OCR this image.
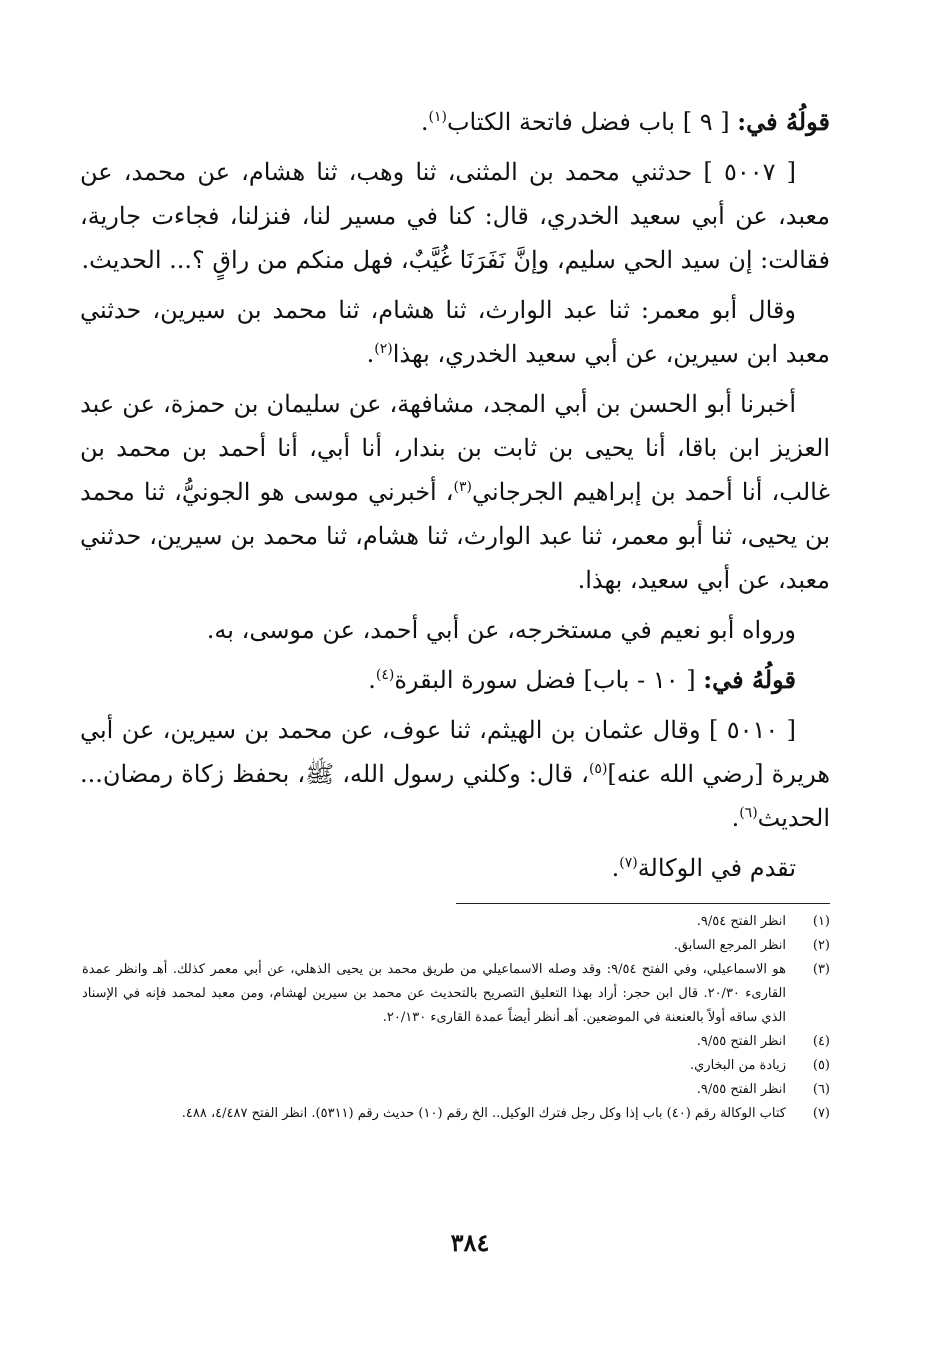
قولُهُ في: [ ٩ ] باب فضل فاتحة الكتاب$^{(١)}$.

[ ٥٠٠٧ ] حدثني محمد بن المثنى، ثنا وهب، ثنا هشام، عن محمد، عن معبد، عن أبي سعيد الخدري، قال: كنا في مسير لنا، فنزلنا، فجاءت جارية، فقالت: إن سيد الحي سليم، وإنَّ نَفَرَنَا غُيَّبٌ، فهل منكم من راقٍ ؟... الحديث.

وقال أبو معمر: ثنا عبد الوارث، ثنا هشام، ثنا محمد بن سيرين، حدثني معبد ابن سيرين، عن أبي سعيد الخدري، بهذا$^{(٢)}$.

أخبرنا أبو الحسن بن أبي المجد، مشافهة، عن سليمان بن حمزة، عن عبد العزيز ابن باقا، أنا يحيى بن ثابت بن بندار، أنا أبي، أنا أحمد بن محمد بن غالب، أنا أحمد بن إبراهيم الجرجاني$^{(٣)}$، أخبرني موسى هو الجونيُّ، ثنا محمد بن يحيى، ثنا أبو معمر، ثنا عبد الوارث، ثنا هشام، ثنا محمد بن سيرين، حدثني معبد، عن أبي سعيد، بهذا.

ورواه أبو نعيم في مستخرجه، عن أبي أحمد، عن موسى، به.

قولُهُ في: [ ١٠ - باب] فضل سورة البقرة$^{(٤)}$.

[ ٥٠١٠ ] وقال عثمان بن الهيثم، ثنا عوف، عن محمد بن سيرين، عن أبي هريرة [رضي الله عنه]$^{(٥)}$، قال: وكلني رسول الله، ﷺ، بحفظ زكاة رمضان... الحديث$^{(٦)}$.

تقدم في الوكالة$^{(٧)}$.

(١)
انظر الفتح ٩/٥٤.
(٢)
انظر المرجع السابق.
(٣)
هو الاسماعيلي، وفي الفتح ٩/٥٤: وقد وصله الاسماعيلي من طريق محمد بن يحيى الذهلي، عن أبي معمر كذلك. أهـ وانظر عمدة القارىء ٢٠/٣٠. قال ابن حجر: أراد بهذا التعليق التصريح بالتحديث عن محمد بن سيرين لهشام، ومن معبد لمحمد فإنه في الإسناد الذي ساقه أولاً بالعنعنة في الموضعين. أهـ أنظر أيضاً عمدة القارىء ٢٠/١٣٠.
(٤)
انظر الفتح ٩/٥٥.
(٥)
زيادة من البخاري.
(٦)
انظر الفتح ٩/٥٥.
(٧)
كتاب الوكالة رقم (٤٠) باب إذا وكل رجل فترك الوكيل.. الخ رقم (١٠) حديث رقم (٥٣١١). انظر الفتح ٤/٤٨٧، ٤٨٨.
٣٨٤
